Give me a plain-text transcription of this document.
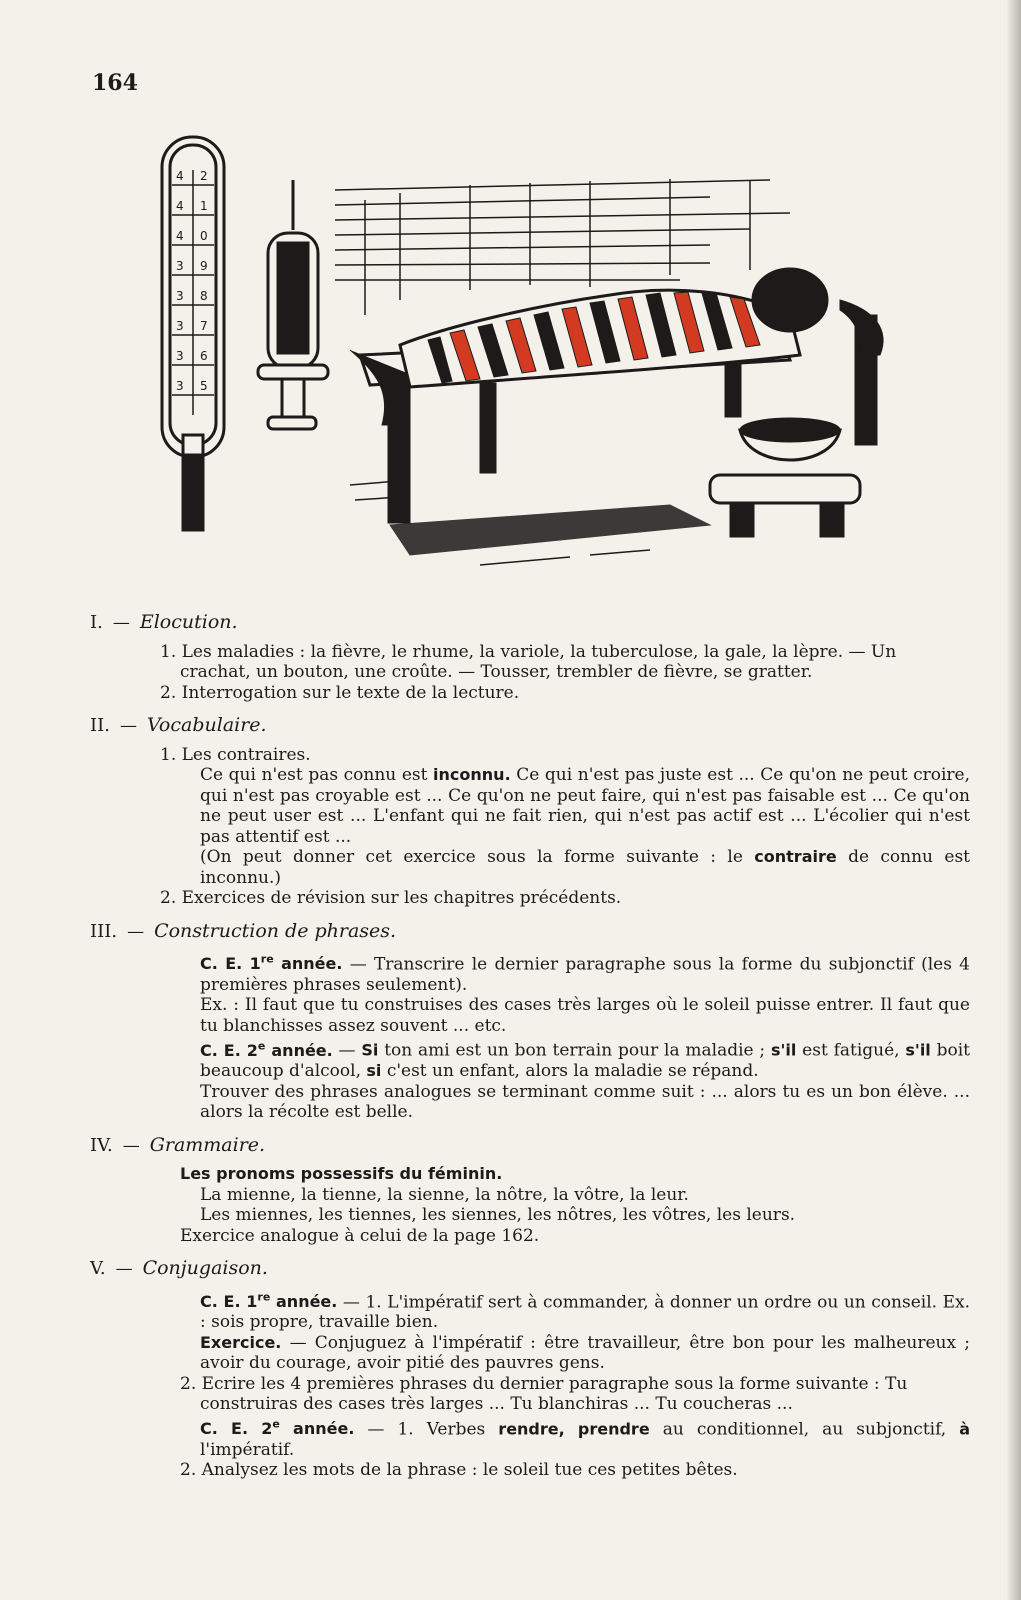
164
4 2
4 1
4 0
3 9
3 8
3 7
3 6
3 5
I. — Elocution.
1. Les maladies : la fièvre, le rhume, la variole, la tuberculose, la gale, la lèpre. — Un crachat, un bouton, une croûte. — Tousser, trembler de fièvre, se gratter.
2. Interrogation sur le texte de la lecture.
II. — Vocabulaire.
1. Les contraires.
Ce qui n'est pas connu est inconnu. Ce qui n'est pas juste est ... Ce qu'on ne peut croire, qui n'est pas croyable est ... Ce qu'on ne peut faire, qui n'est pas faisable est ... Ce qu'on ne peut user est ... L'enfant qui ne fait rien, qui n'est pas actif est ... L'écolier qui n'est pas attentif est ...
(On peut donner cet exercice sous la forme suivante : le contraire de connu est inconnu.)
2. Exercices de révision sur les chapitres précédents.
III. — Construction de phrases.
C. E. 1re année. — Transcrire le dernier paragraphe sous la forme du subjonctif (les 4 premières phrases seulement).
Ex. : Il faut que tu construises des cases très larges où le soleil puisse entrer. Il faut que tu blanchisses assez souvent ... etc.
C. E. 2e année. — Si ton ami est un bon terrain pour la maladie ; s'il est fatigué, s'il boit beaucoup d'alcool, si c'est un enfant, alors la maladie se répand.
Trouver des phrases analogues se terminant comme suit : ... alors tu es un bon élève. ... alors la récolte est belle.
IV. — Grammaire.
Les pronoms possessifs du féminin.
La mienne, la tienne, la sienne, la nôtre, la vôtre, la leur.
Les miennes, les tiennes, les siennes, les nôtres, les vôtres, les leurs.
Exercice analogue à celui de la page 162.
V. — Conjugaison.
C. E. 1re année. — 1. L'impératif sert à commander, à donner un ordre ou un conseil. Ex. : sois propre, travaille bien.
Exercice. — Conjuguez à l'impératif : être travailleur, être bon pour les malheureux ; avoir du courage, avoir pitié des pauvres gens.
2. Ecrire les 4 premières phrases du dernier paragraphe sous la forme suivante : Tu construiras des cases très larges ... Tu blanchiras ... Tu coucheras ...
C. E. 2e année. — 1. Verbes rendre, prendre au conditionnel, au subjonctif, à l'impératif.
2. Analysez les mots de la phrase : le soleil tue ces petites bêtes.
